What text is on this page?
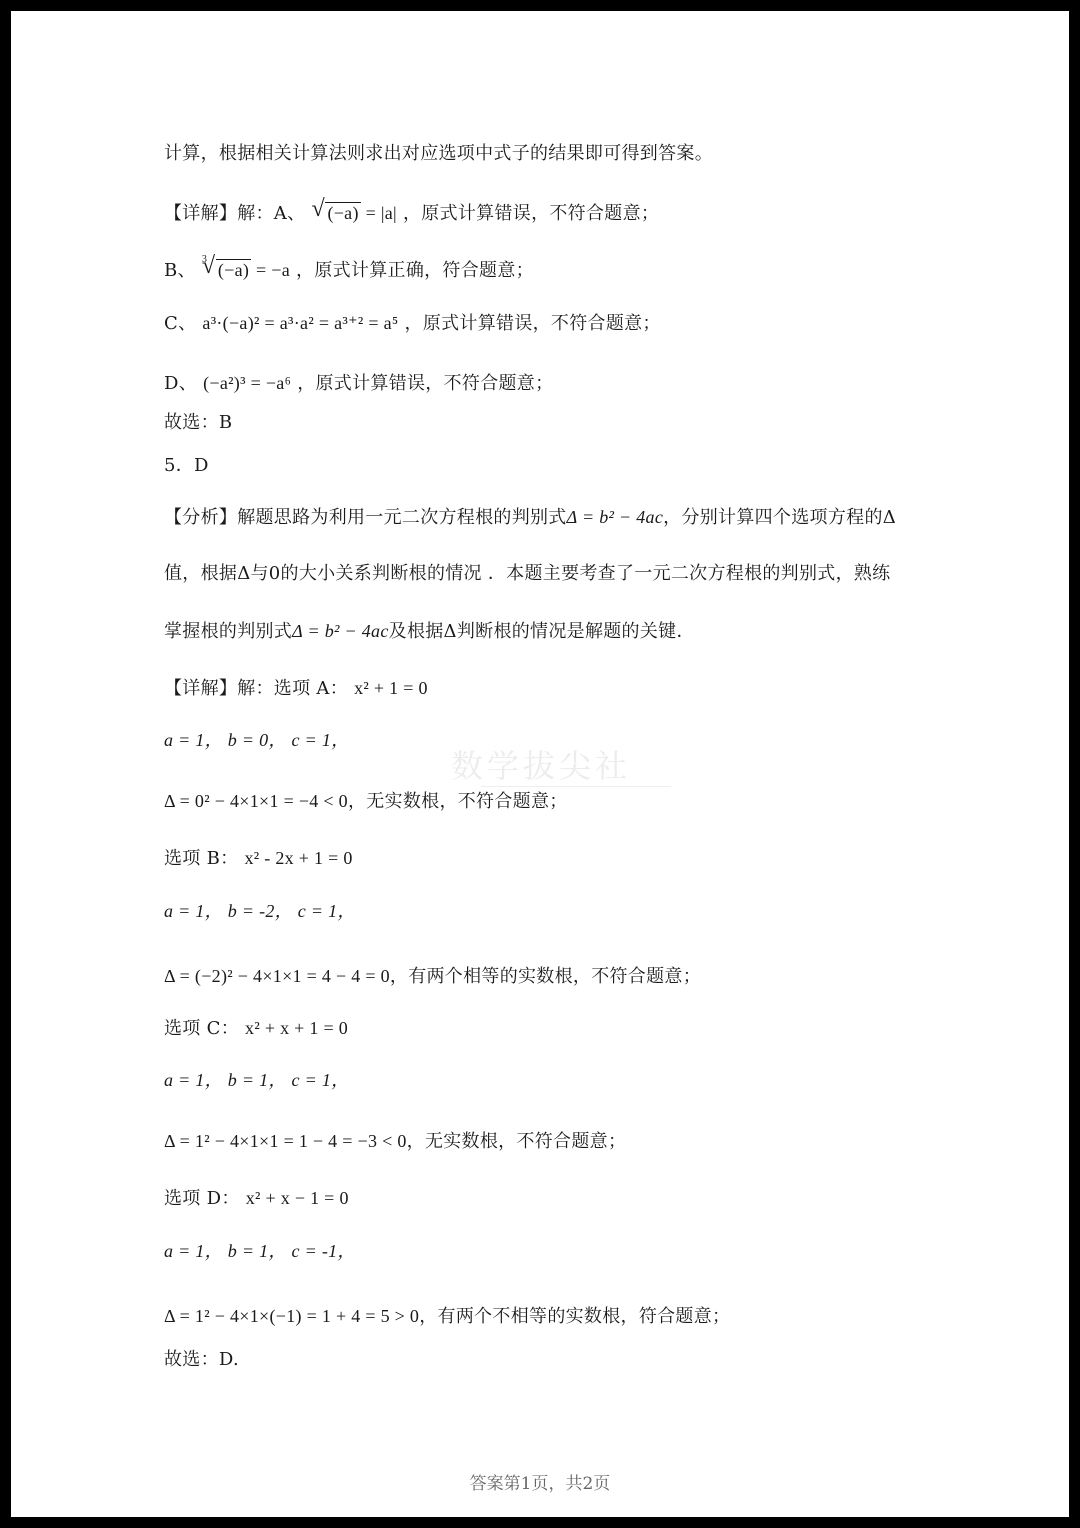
计算，根据相关计算法则求出对应选项中式子的结果即可得到答案。
【详解】解：A、 √ (−a) = |a| ，原式计算错误，不符合题意；
B、
√ 3
(−a) = −a ，原式计算正确，符合题意；
C、 a³·(−a)² = a³·a² = a³⁺² = a⁵ ，原式计算错误，不符合题意；
D、 (−a²)³ = −a⁶ ，原式计算错误，不符合题意；
故选：B
5．D
【分析】解题思路为利用一元二次方程根的判别式Δ = b² − 4ac，分别计算四个选项方程的Δ
值，根据Δ与0的大小关系判断根的情况 ．本题主要考查了一元二次方程根的判别式，熟练
掌握根的判别式Δ = b² − 4ac及根据Δ判断根的情况是解题的关键．
【详解】解：选项 A： x² + 1 = 0
a = 1， b = 0， c = 1，
Δ = 0² − 4×1×1 = −4 < 0，无实数根，不符合题意；
选项 B： x² - 2x + 1 = 0
a = 1， b = -2， c = 1，
Δ = (−2)² − 4×1×1 = 4 − 4 = 0，有两个相等的实数根，不符合题意；
选项 C： x² + x + 1 = 0
a = 1， b = 1， c = 1，
Δ = 1² − 4×1×1 = 1 − 4 = −3 < 0，无实数根，不符合题意；
选项 D： x² + x − 1 = 0
a = 1， b = 1， c = -1，
Δ = 1² − 4×1×(−1) = 1 + 4 = 5 > 0，有两个不相等的实数根，符合题意；
故选：D.
数学拔尖社
答案第1页，共2页
